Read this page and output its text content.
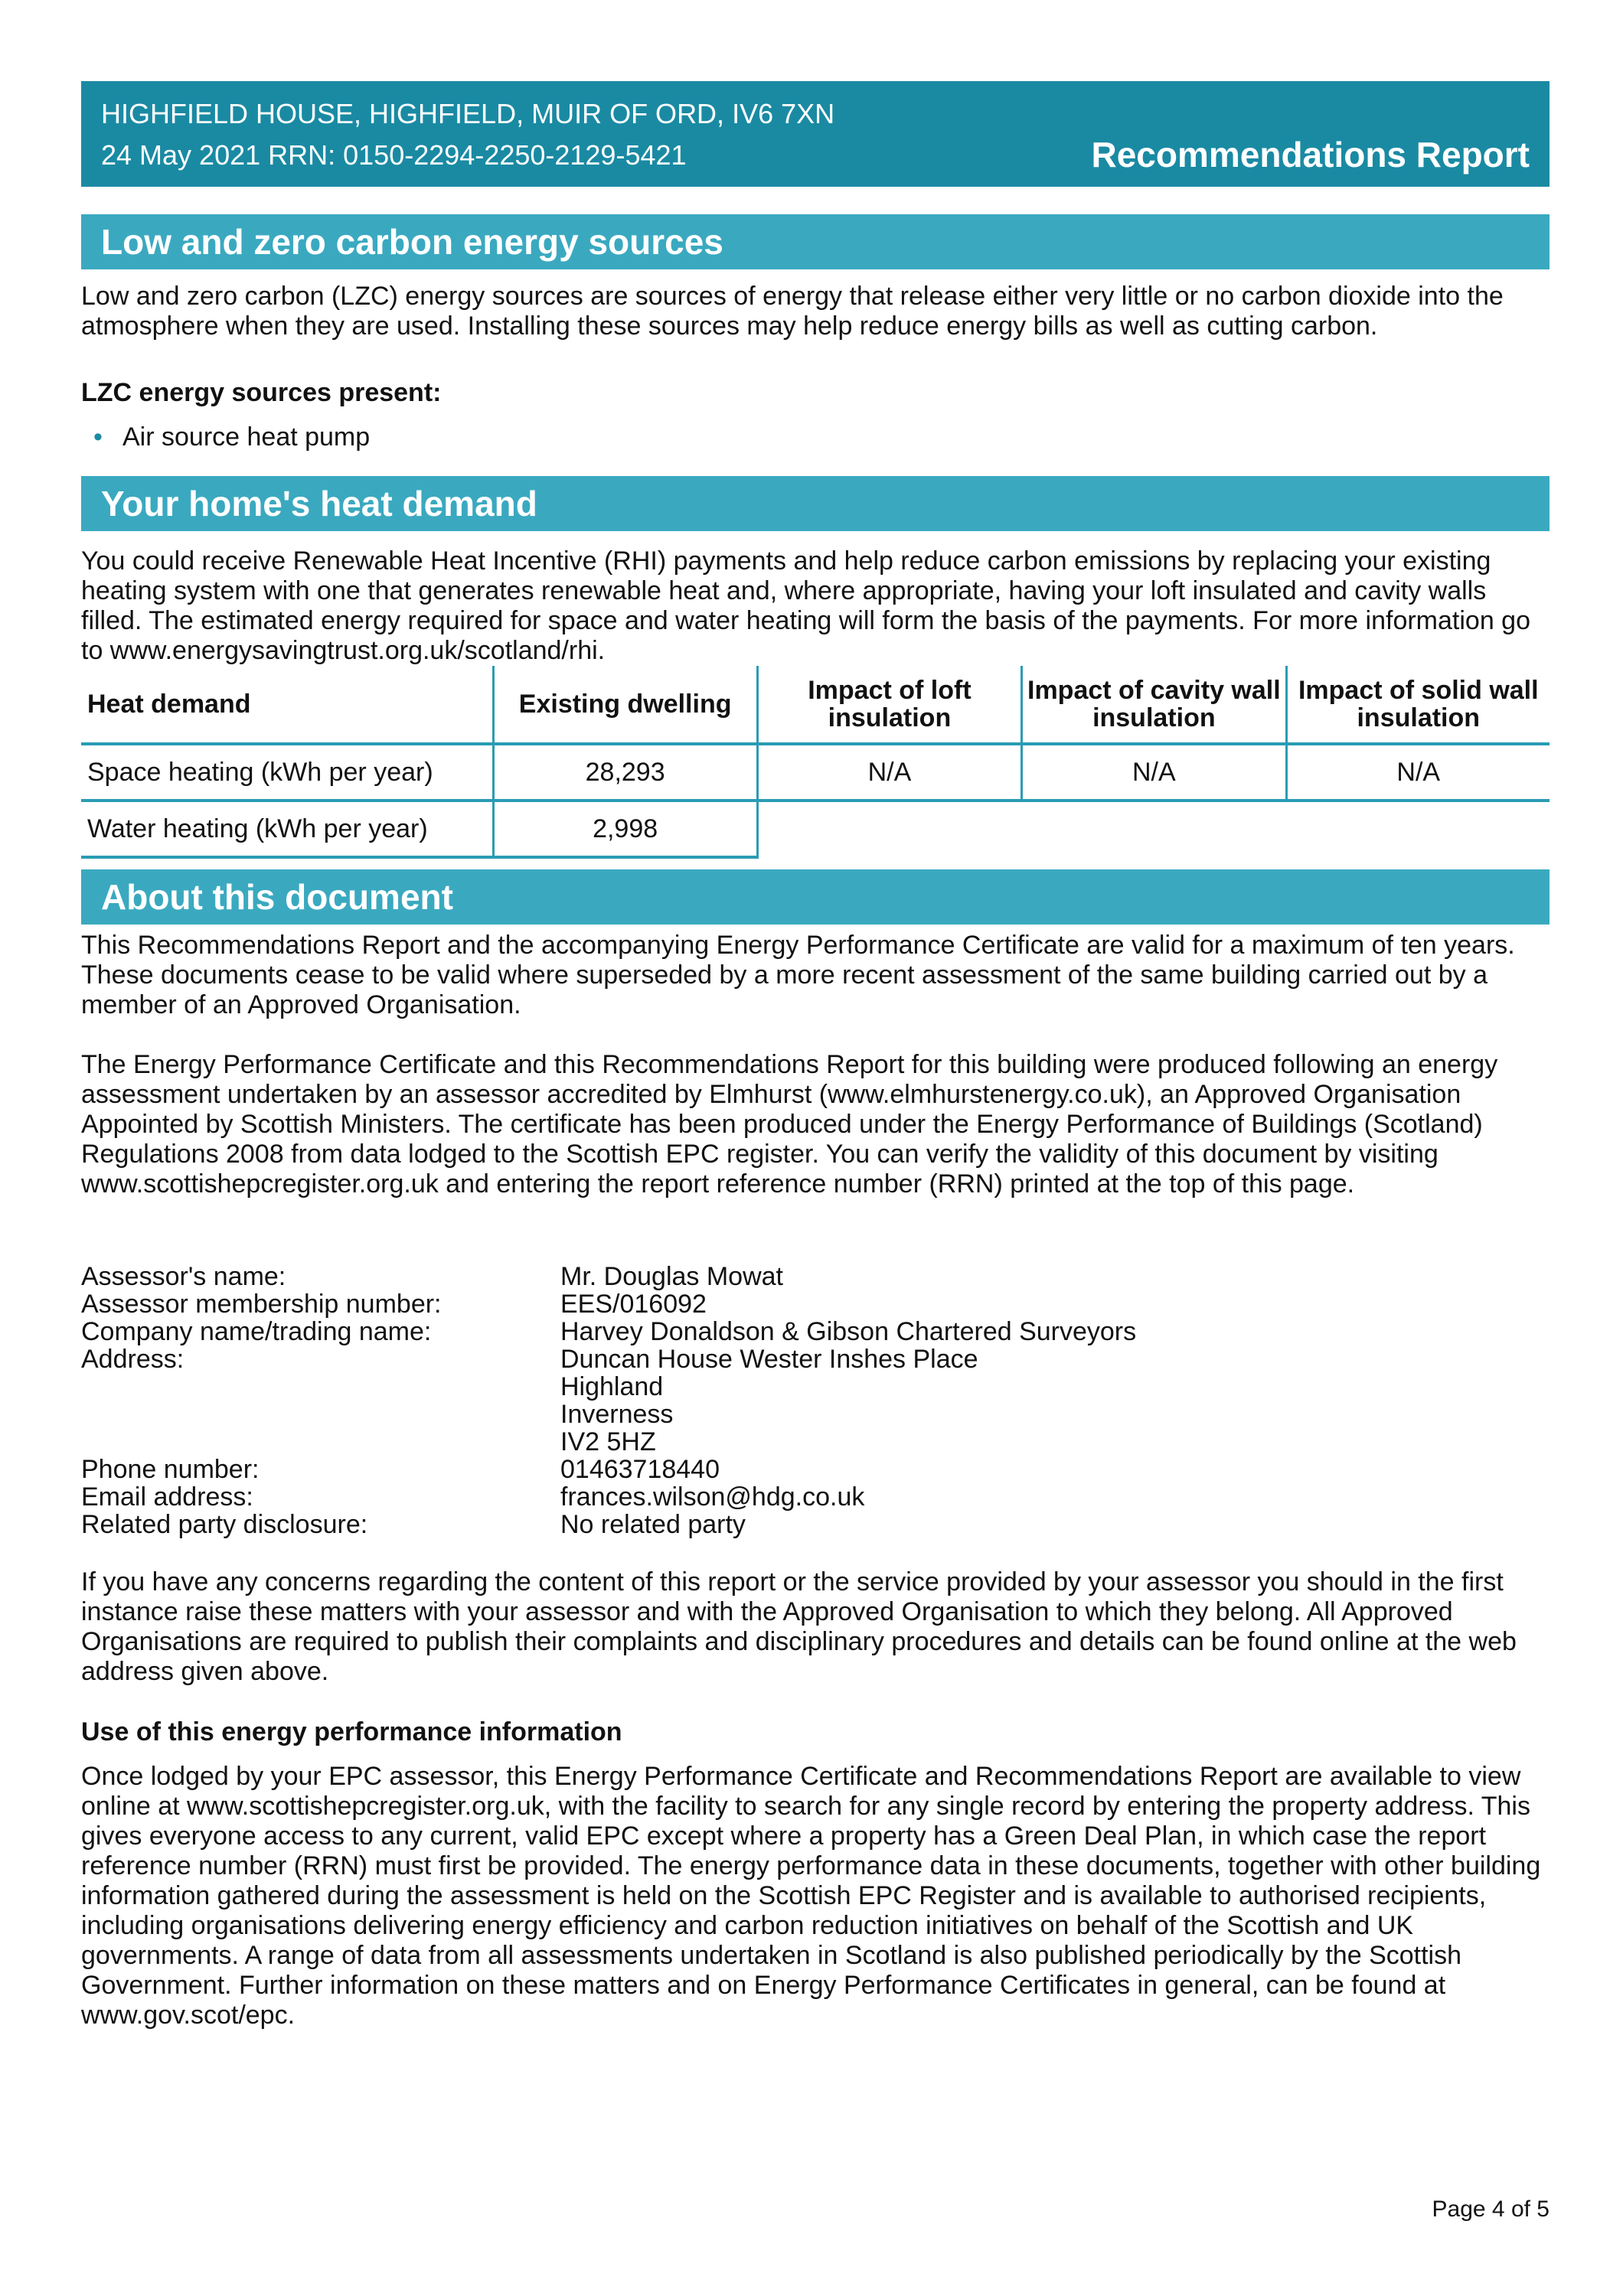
HIGHFIELD HOUSE, HIGHFIELD, MUIR OF ORD, IV6 7XN
24 May 2021 RRN: 0150-2294-2250-2129-5421	Recommendations Report
Low and zero carbon energy sources

Low and zero carbon (LZC) energy sources are sources of energy that release either very little or no carbon dioxide into the atmosphere when they are used. Installing these sources may help reduce energy bills as well as cutting carbon.

LZC energy sources present:

• Air source heat pump
Your home's heat demand

You could receive Renewable Heat Incentive (RHI) payments and help reduce carbon emissions by replacing your existing heating system with one that generates renewable heat and, where appropriate, having your loft insulated and cavity walls filled. The estimated energy required for space and water heating will form the basis of the payments. For more information go to www.energysavingtrust.org.uk/scotland/rhi.

Heat demand	Existing dwelling	Impact of loft insulation	Impact of cavity wall insulation	Impact of solid wall insulation
Space heating (kWh per year)	28,293	N/A	N/A	N/A
Water heating (kWh per year)	2,998			
About this document

This Recommendations Report and the accompanying Energy Performance Certificate are valid for a maximum of ten years. These documents cease to be valid where superseded by a more recent assessment of the same building carried out by a member of an Approved Organisation.

The Energy Performance Certificate and this Recommendations Report for this building were produced following an energy assessment undertaken by an assessor accredited by Elmhurst (www.elmhurstenergy.co.uk), an Approved Organisation Appointed by Scottish Ministers. The certificate has been produced under the Energy Performance of Buildings (Scotland) Regulations 2008 from data lodged to the Scottish EPC register. You can verify the validity of this document by visiting www.scottishepcregister.org.uk and entering the report reference number (RRN) printed at the top of this page.

Assessor's name:	Mr. Douglas Mowat
Assessor membership number:	EES/016092
Company name/trading name:	Harvey Donaldson & Gibson Chartered Surveyors
Address:	Duncan House Wester Inshes Place
Highland
Inverness
IV2 5HZ
Phone number:	01463718440
Email address:	frances.wilson@hdg.co.uk
Related party disclosure:	No related party

If you have any concerns regarding the content of this report or the service provided by your assessor you should in the first instance raise these matters with your assessor and with the Approved Organisation to which they belong. All Approved Organisations are required to publish their complaints and disciplinary procedures and details can be found online at the web address given above.

Use of this energy performance information

Once lodged by your EPC assessor, this Energy Performance Certificate and Recommendations Report are available to view online at www.scottishepcregister.org.uk, with the facility to search for any single record by entering the property address. This gives everyone access to any current, valid EPC except where a property has a Green Deal Plan, in which case the report reference number (RRN) must first be provided. The energy performance data in these documents, together with other building information gathered during the assessment is held on the Scottish EPC Register and is available to authorised recipients, including organisations delivering energy efficiency and carbon reduction initiatives on behalf of the Scottish and UK governments. A range of data from all assessments undertaken in Scotland is also published periodically by the Scottish Government. Further information on these matters and on Energy Performance Certificates in general, can be found at www.gov.scot/epc.

Page 4 of 5
